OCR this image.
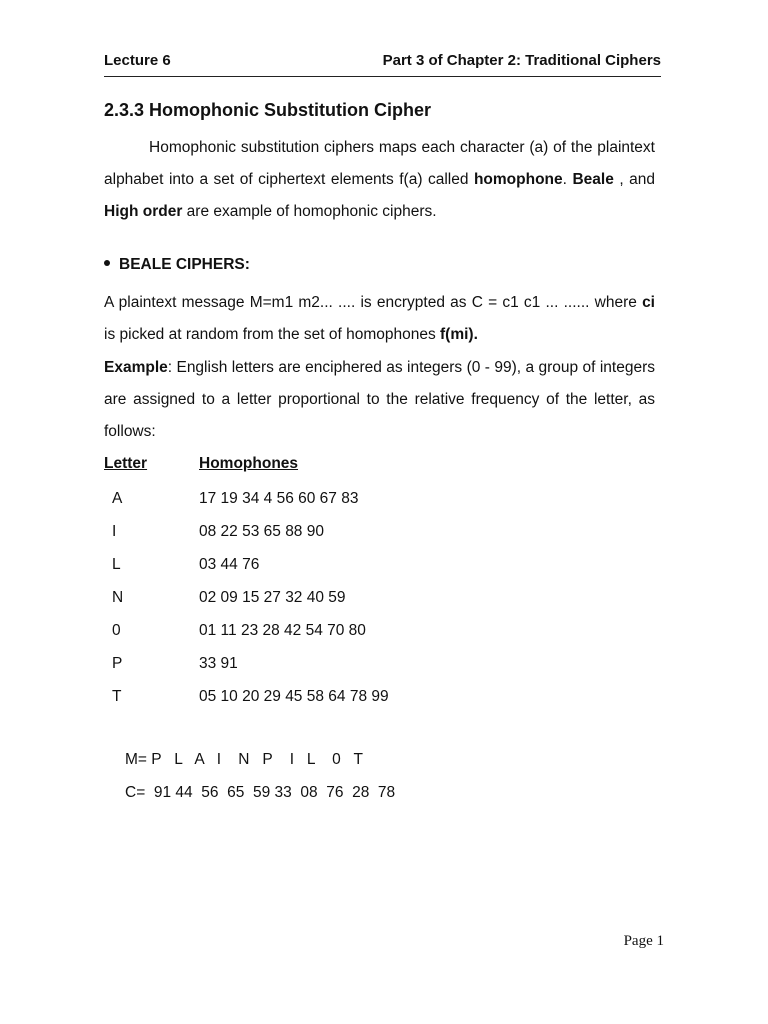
Lecture 6	Part 3 of Chapter 2: Traditional Ciphers
2.3.3 Homophonic Substitution Cipher
Homophonic substitution ciphers maps each character (a) of the plaintext alphabet into a set of ciphertext elements f(a) called homophone. Beale , and High order are example of homophonic ciphers.
BEALE CIPHERS:
A plaintext message M=m1 m2... .... is encrypted as C = c1 c1 ... ...... where ci is picked at random from the set of homophones f(mi).
Example: English letters are enciphered as integers (0 - 99), a group of integers are assigned to a letter proportional to the relative frequency of the letter, as follows:
Letter	Homophones
A	17 19 34 4 56 60 67 83
I	08 22 53 65 88 90
L	03 44 76
N	02 09 15 27 32 40 59
0	01 11 23 28 42 54 70 80
P	33 91
T	05 10 20 29 45 58 64 78 99
M= P   L   A   I    N   P    I   L    0   T
C=  91 44  56  65  59 33  08  76  28  78
Page 1
